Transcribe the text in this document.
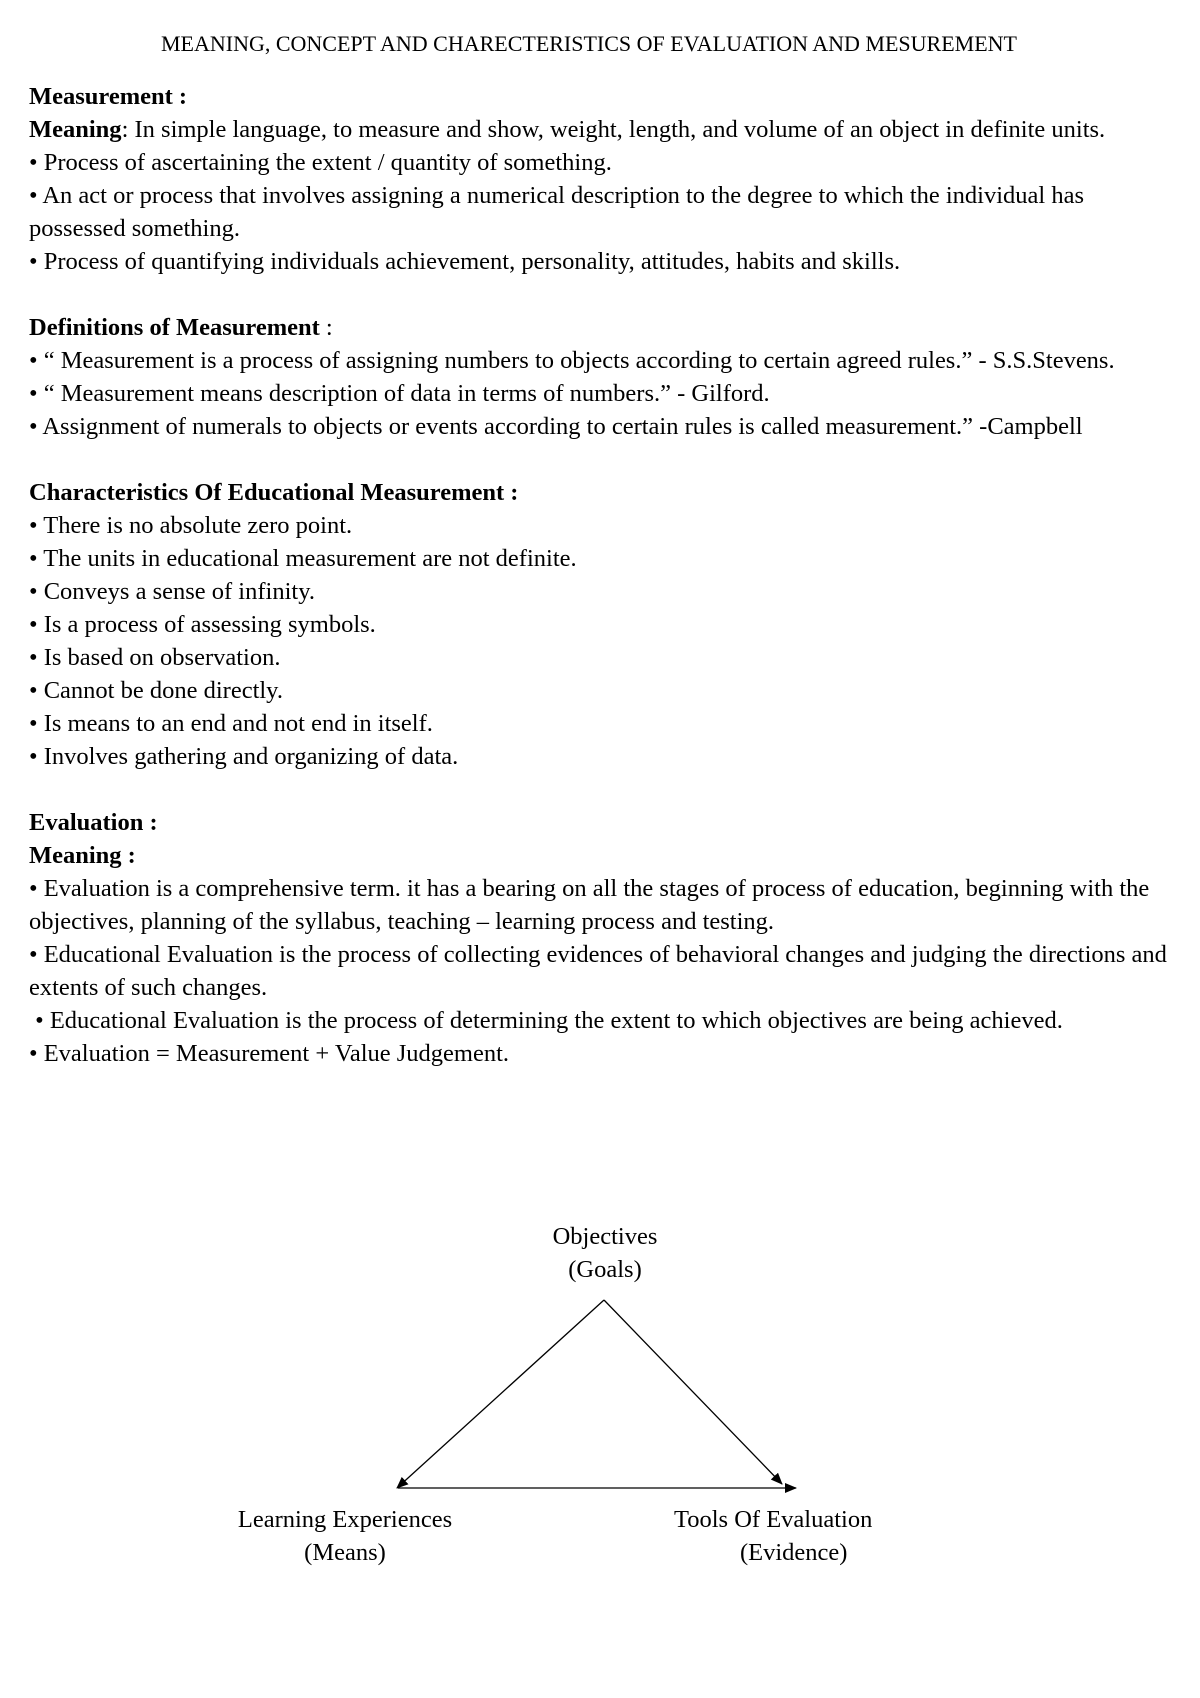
MEANING, CONCEPT AND CHARECTERISTICS OF EVALUATION AND MESUREMENT
Measurement :
Meaning: In simple language, to measure and show, weight, length, and volume of an object in definite units.
• Process of ascertaining the extent / quantity of something.
• An act or process that involves assigning a numerical description to the degree to which the individual has possessed something.
• Process of quantifying individuals achievement, personality, attitudes, habits and skills.
Definitions of Measurement :
• “ Measurement is a process of assigning numbers to objects according to certain agreed rules.” - S.S.Stevens.
• “ Measurement means description of data in terms of numbers.” - Gilford.
• Assignment of numerals to objects or events according to certain rules is called measurement.” -Campbell
Characteristics Of Educational Measurement :
• There is no absolute zero point.
• The units in educational measurement are not definite.
• Conveys a sense of infinity.
• Is a process of assessing symbols.
• Is based on observation.
• Cannot be done directly.
• Is means to an end and not end in itself.
• Involves gathering and organizing of data.
Evaluation :
Meaning :
• Evaluation is a comprehensive term. it has a bearing on all the stages of process of education, beginning with the objectives, planning of the syllabus, teaching – learning process and testing.
• Educational Evaluation is the process of collecting evidences of behavioral changes and judging the directions and extents of such changes.
• Educational Evaluation is the process of determining the extent to which objectives are being achieved.
• Evaluation = Measurement + Value Judgement.
Objectives
(Goals)
Learning Experiences
(Means)
Tools Of Evaluation
(Evidence)
